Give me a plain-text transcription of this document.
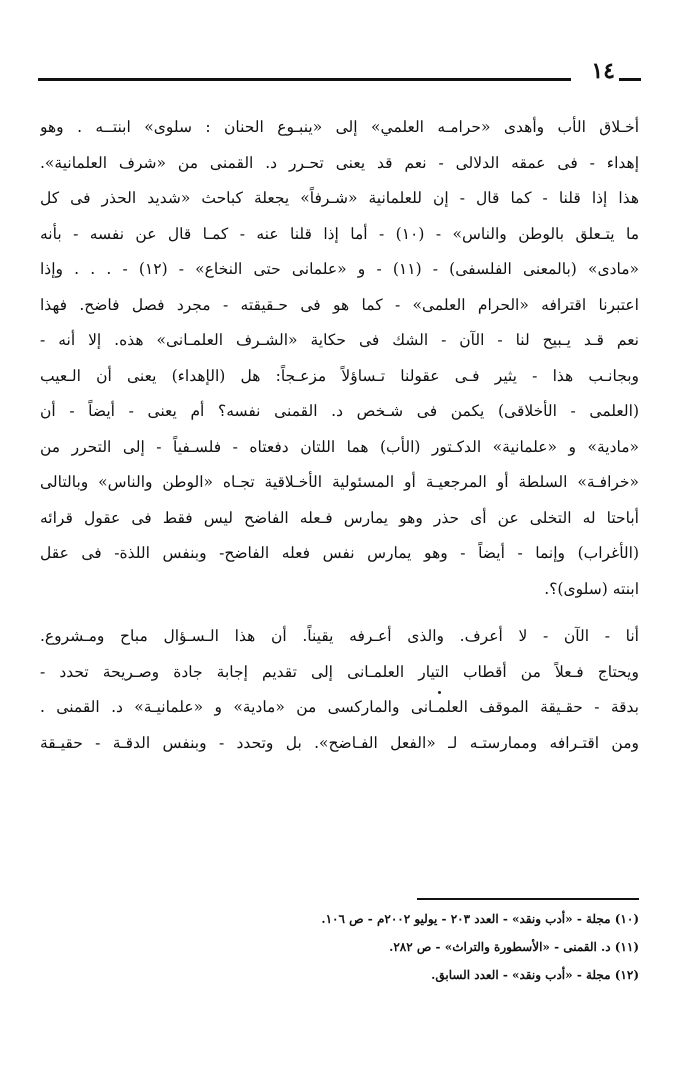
١٤
أخـلاق الأب وأهدى «حرامـه العلمي» إلى «ينبـوع الحنان : سلوى» ابنتــه . وهو
إهداء - فى عمقه الدلالى - نعم قد يعنى تحـرر د. القمنى من «شرف العلمانية».
هذا إذا قلنا - كما قال - إن للعلمانية «شـرفاً» يجعلة كباحث «شديد الحذر فى كل
ما يتـعلق بالوطن والناس» - (١٠) - أما إذا قلنا عنه - كمـا قال عن نفسه - بأنه
«مادى» (بالمعنى الفلسفى) - (١١) - و «علمانى حتى النخاع» - (١٢) - . . . وإذا
اعتبرنا اقترافه «الحرام العلمى» - كما هو فى حـقيقته - مجرد فصل فاضح. فهذا
نعم قـد يـبيح لنا - الآن - الشك فى حكاية «الشـرف العلمـانى» هذه. إلا أنه -
وبجانـب هذا - يثير فـى عقولنا تـساؤلاً مزعـجاً: هل (الإهداء) يعنى أن الـعيب
(العلمى - الأخلاقى) يكمن فى شـخص د. القمنى نفسه؟ أم يعنى - أيضاً - أن
«مادية» و «علمانية» الدكـتور (الأب) هما اللتان دفعتاه - فلسـفياً - إلى التحرر من
«خرافـة» السلطة أو المرجعيـة أو المسئولية الأخـلاقية تجـاه «الوطن والناس» وبالتالى
أباحتا له التخلى عن أى حذر وهو يمارس فـعله الفاضح ليس فقط فى عقول قرائه
(الأغراب) وإنما - أيضاً - وهو يمارس نفس فعله الفاضح- وبنفس اللذة- فى عقل
ابنته (سلوى)؟.
أنا - الآن - لا أعرف. والذى أعـرفه يقيناً. أن هذا الـسـؤال مباح ومـشروع.
ويحتاج فـعلاً من أقطاب التيار العلمـانى إلى تقديم إجابة جادة وصـريحة تحدد -
بدقة - حقـيقة الموقف العلمـانى والماركسى من «مادية» و «علمانيـة» د. القمنى .
ومن اقتـرافه وممارستـه لـ «الفعل الفـاضح». بل وتحدد - وبنفس الدقـة - حقيـقة
(١٠) مجلة - «أدب ونقد» - العدد ٢٠٣ - يوليو ٢٠٠٢م - ص ١٠٦.
(١١) د. القمنى - «الأسطورة والتراث» - ص ٢٨٢.
(١٢) مجلة - «أدب ونقد» - العدد السابق.
